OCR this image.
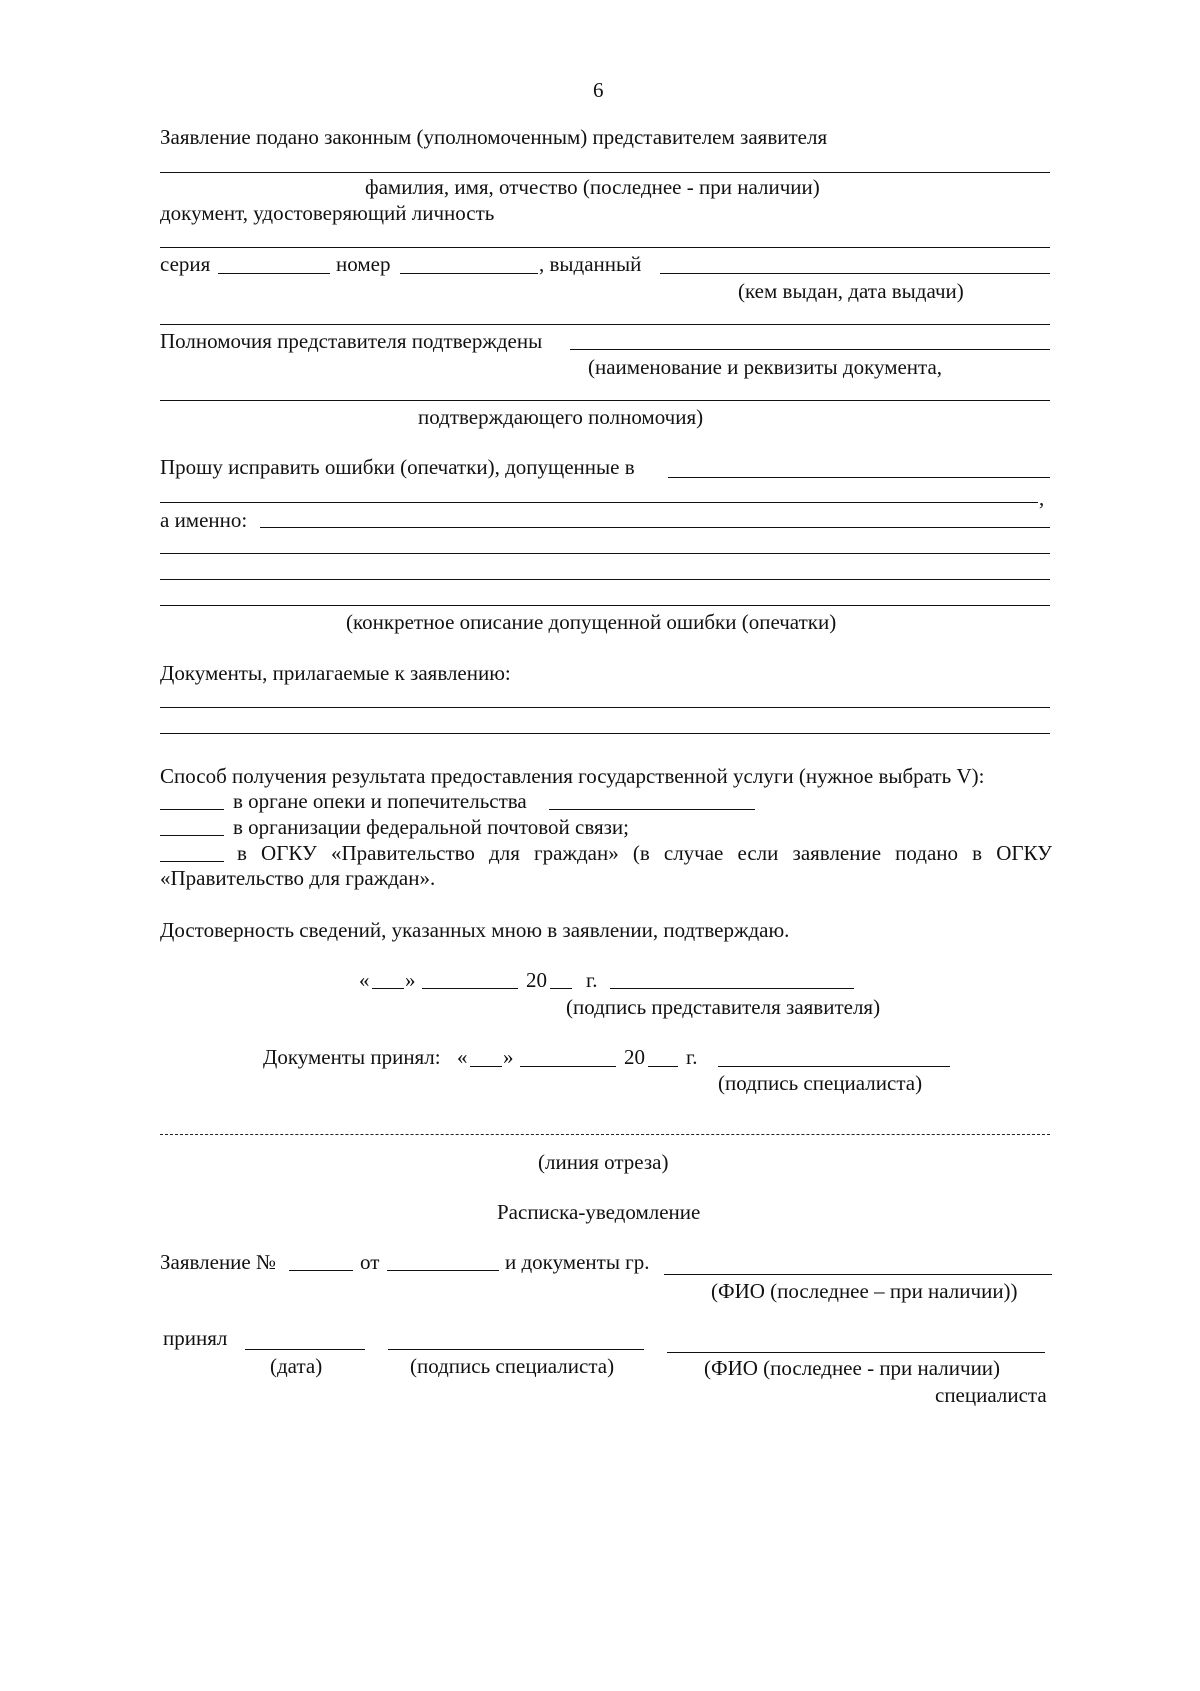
6
Заявление подано законным (уполномоченным) представителем заявителя
фамилия, имя, отчество (последнее - при наличии)
документ, удостоверяющий личность
серия	номер	, выданный
(кем выдан, дата выдачи)
Полномочия представителя подтверждены
(наименование и реквизиты документа,
подтверждающего полномочия)
Прошу исправить ошибки (опечатки), допущенные в
,
а именно:
(конкретное описание допущенной ошибки (опечатки)
Документы, прилагаемые к заявлению:
Способ получения результата предоставления государственной услуги (нужное выбрать V):
в органе опеки и попечительства
в организации федеральной почтовой связи;
в ОГКУ «Правительство для граждан» (в случае если заявление подано в ОГКУ
«Правительство для граждан».
Достоверность сведений, указанных мною в заявлении, подтверждаю.
« »	20 г.
(подпись представителя заявителя)
Документы принял: « »	20 г.
(подпись специалиста)
(линия отреза)
Расписка-уведомление
Заявление №	от	и документы гр.
(ФИО (последнее – при наличии))
принял
(дата)	(подпись специалиста)	(ФИО (последнее - при наличии)
специалиста
